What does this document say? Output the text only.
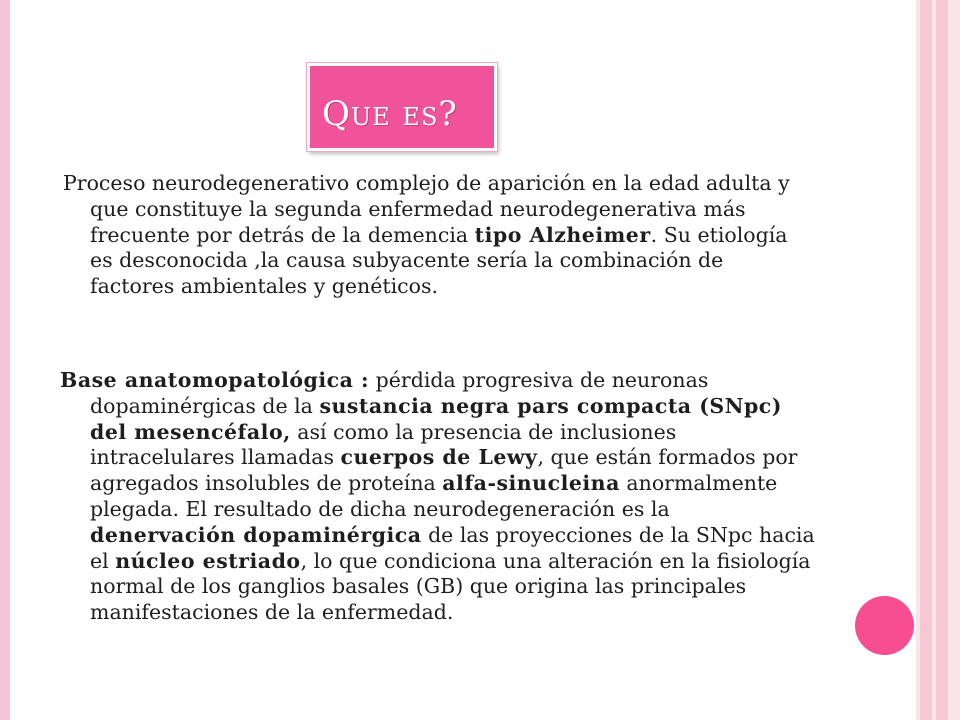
Que es?
Proceso neurodegenerativo complejo de aparición en la edad adulta y que constituye la segunda enfermedad neurodegenerativa más frecuente por detrás de la demencia tipo Alzheimer. Su etiología es desconocida ,la causa subyacente sería la combinación de factores ambientales y genéticos.
Base anatomopatológica : pérdida progresiva de neuronas dopaminérgicas de la sustancia negra pars compacta (SNpc) del mesencéfalo, así como la presencia de inclusiones intracelulares llamadas cuerpos de Lewy, que están formados por agregados insolubles de proteína alfa-sinucleina anormalmente plegada. El resultado de dicha neurodegeneración es la denervación dopaminérgica de las proyecciones de la SNpc hacia el núcleo estriado, lo que condiciona una alteración en la fisiología normal de los ganglios basales (GB) que origina las principales manifestaciones de la enfermedad.
